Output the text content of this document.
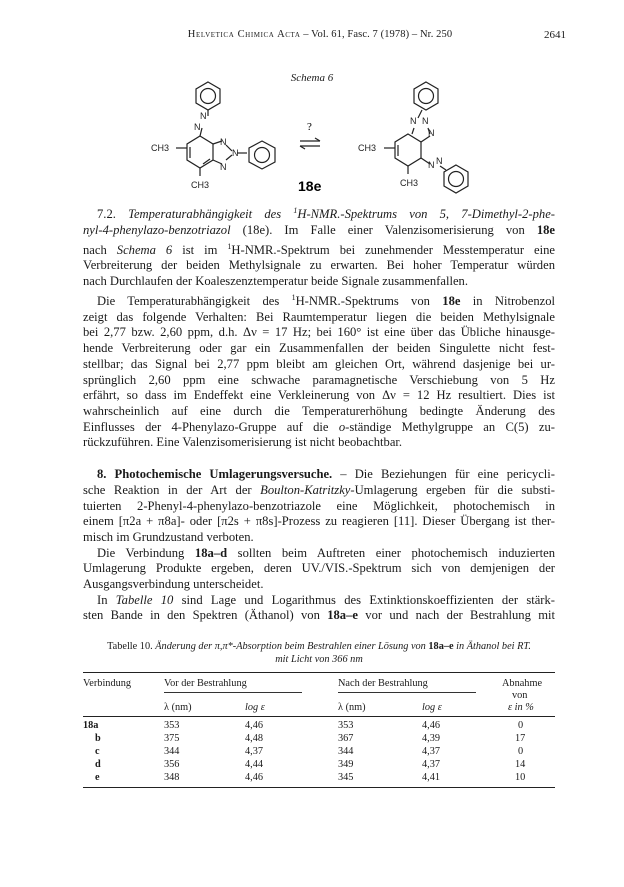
Helvetica Chimica Acta – Vol. 61, Fasc. 7 (1978) – Nr. 250	2641
Schema 6
N
N
CH3
N
N
N
CH3
N N
N
CH3
N N
CH3
?
18e
7.2. Temperaturabhängigkeit des $^1$H-NMR.-Spektrums von 5, 7-Dimethyl-2-phe-
nyl-4-phenylazo-benzotriazol (18e). Im Falle einer Valenzisomerisierung von 18e
nach Schema 6 ist im $^1$H-NMR.-Spektrum bei zunehmender Messtemperatur eine
Verbreiterung der beiden Methylsignale zu erwarten. Bei hoher Temperatur würden
nach Durchlaufen der Koaleszenztemperatur beide Signale zusammenfallen.
Die Temperaturabhängigkeit des $^1$H-NMR.-Spektrums von 18e in Nitrobenzol
zeigt das folgende Verhalten: Bei Raumtemperatur liegen die beiden Methylsignale
bei 2,77 bzw. 2,60 ppm, d.h. Δν = 17 Hz; bei 160° ist eine über das Übliche hinausge-
hende Verbreiterung oder gar ein Zusammenfallen der beiden Singulette nicht fest-
stellbar; das Signal bei 2,77 ppm bleibt am gleichen Ort, während dasjenige bei ur-
sprünglich 2,60 ppm eine schwache paramagnetische Verschiebung von 5 Hz
erfährt, so dass im Endeffekt eine Verkleinerung von Δν = 12 Hz resultiert. Dies ist
wahrscheinlich auf eine durch die Temperaturerhöhung bedingte Änderung des
Einflusses der 4-Phenylazo-Gruppe auf die o-ständige Methylgruppe an C(5) zu-
rückzuführen. Eine Valenzisomerisierung ist nicht beobachtbar.
8. Photochemische Umlagerungsversuche. – Die Beziehungen für eine pericycli-
sche Reaktion in der Art der Boulton-Katritzky-Umlagerung ergeben für die substi-
tuierten 2-Phenyl-4-phenylazo-benzotriazole eine Möglichkeit, photochemisch in
einem [π2a + π8a]- oder [π2s + π8s]-Prozess zu reagieren [11]. Dieser Übergang ist ther-
misch im Grundzustand verboten.
Die Verbindung 18a–d sollten beim Auftreten einer photochemisch induzierten
Umlagerung Produkte ergeben, deren UV./VIS.-Spektrum sich von demjenigen der
Ausgangsverbindung unterscheidet.
In Tabelle 10 sind Lage und Logarithmus des Extinktionskoeffizienten der stärk-
sten Bande in den Spektren (Äthanol) von 18a–e vor und nach der Bestrahlung mit
Tabelle 10. Änderung der π,π*-Absorption beim Bestrahlen einer Lösung von 18a–e in Äthanol bei RT.
mit Licht von 366 nm
Verbindung	Vor der Bestrahlung	Nach der Bestrahlung	Abnahme
von
ε in %
λ (nm)	log ε	λ (nm)	log ε
18a	353	4,46	353	4,46	0
b	375	4,48	367	4,39	17
c	344	4,37	344	4,37	0
d	356	4,44	349	4,37	14
e	348	4,46	345	4,41	10
